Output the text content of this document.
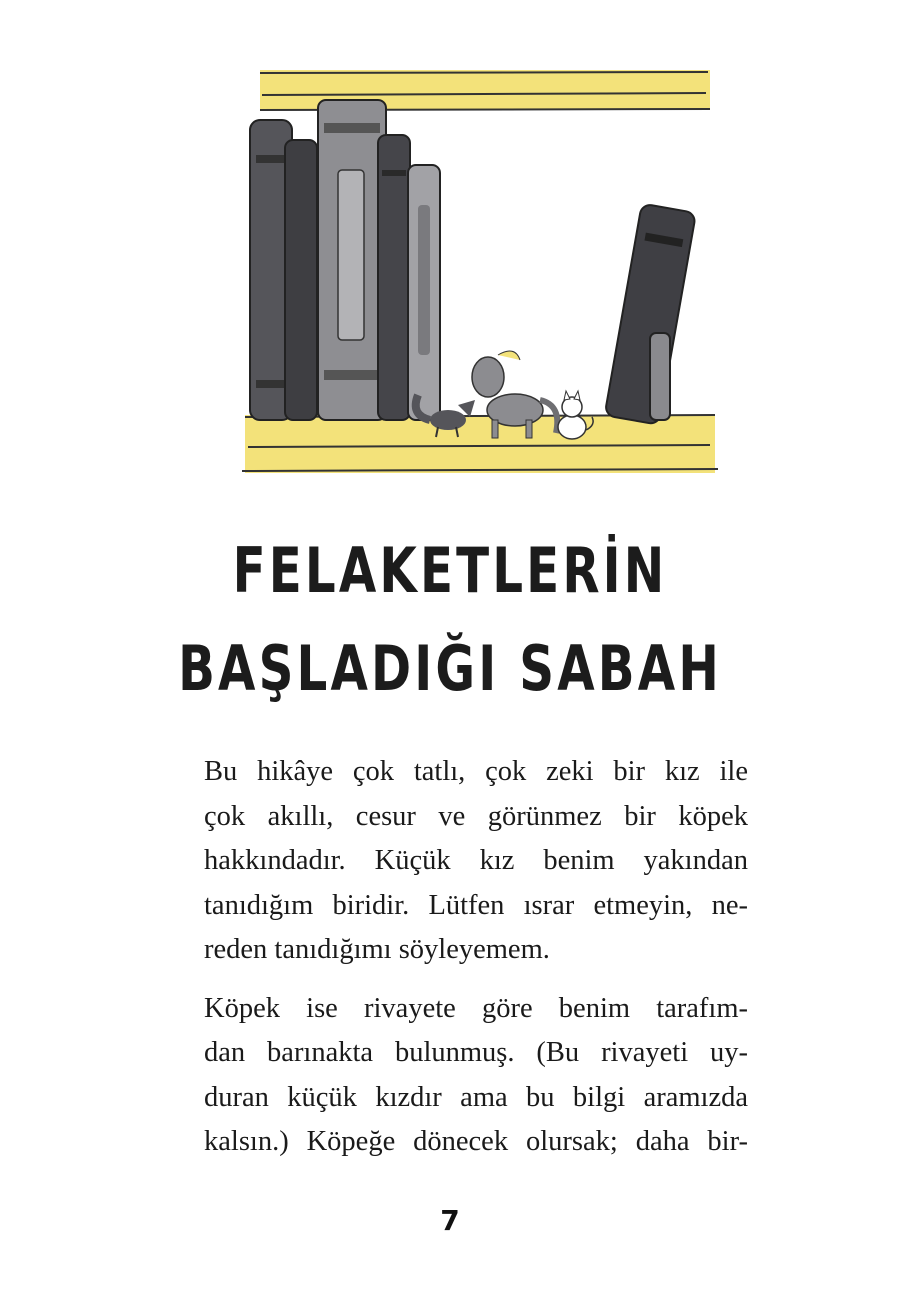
FELAKETLERİN
BAŞLADIĞI SABAH

Bu hikâye çok tatlı, çok zeki bir kız ile
çok akıllı, cesur ve görünmez bir köpek
hakkındadır. Küçük kız benim yakından
tanıdığım biridir. Lütfen ısrar etmeyin, ne-
reden tanıdığımı söyleyemem.

Köpek ise rivayete göre benim tarafım-
dan barınakta bulunmuş. (Bu rivayeti uy-
duran küçük kızdır ama bu bilgi aramızda
kalsın.) Köpeğe dönecek olursak; daha bir-

7
